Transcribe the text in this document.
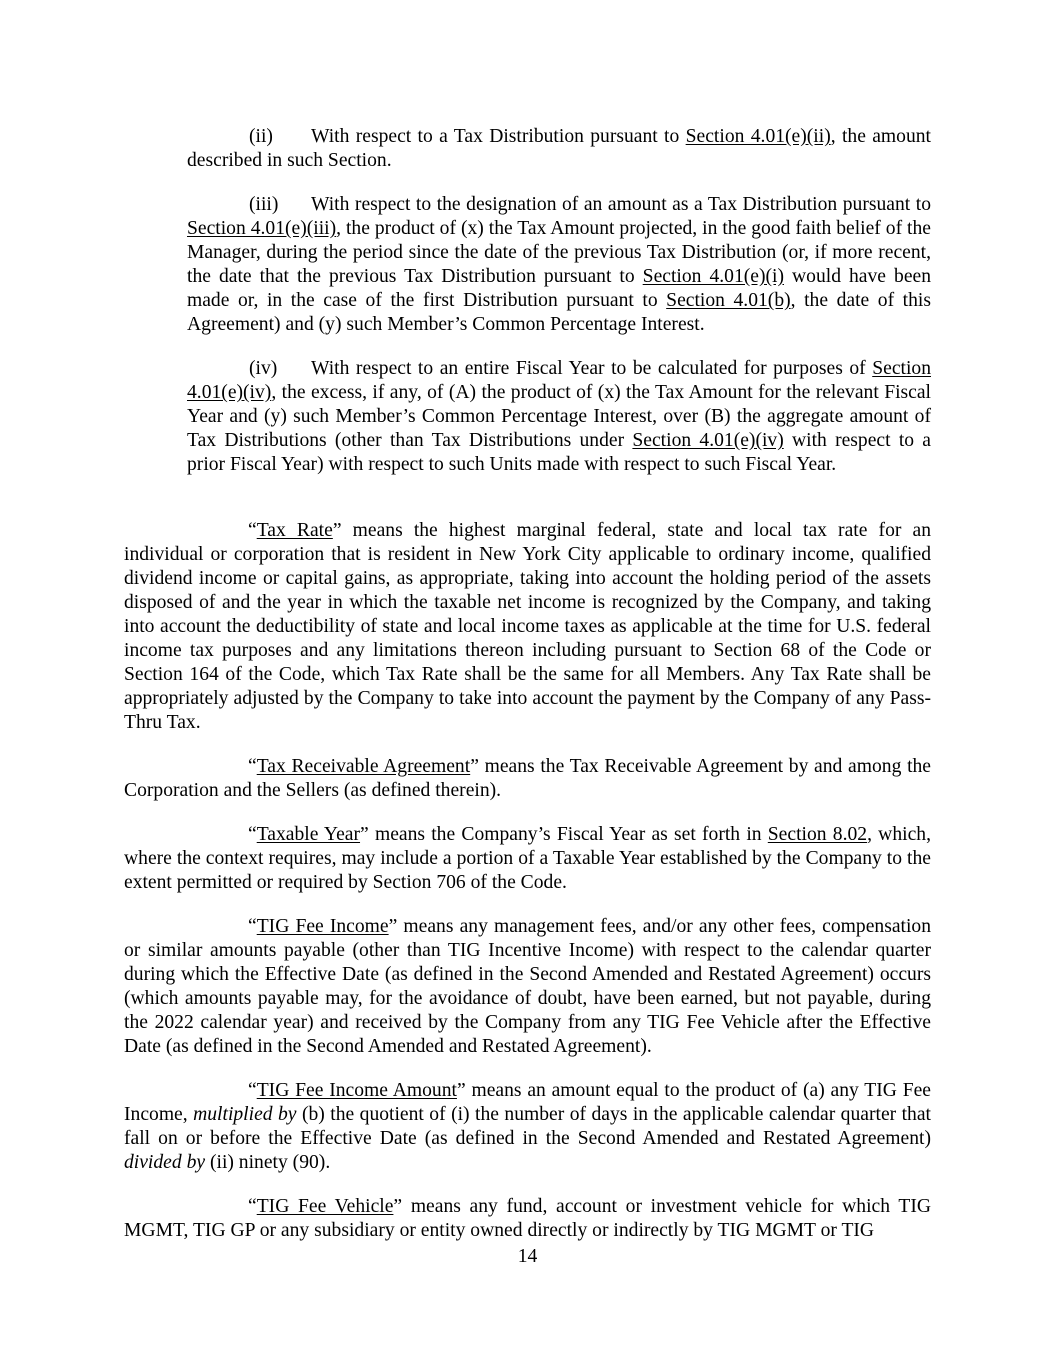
(ii) With respect to a Tax Distribution pursuant to Section 4.01(e)(ii), the amount described in such Section.

(iii) With respect to the designation of an amount as a Tax Distribution pursuant to Section 4.01(e)(iii), the product of (x) the Tax Amount projected, in the good faith belief of the Manager, during the period since the date of the previous Tax Distribution (or, if more recent, the date that the previous Tax Distribution pursuant to Section 4.01(e)(i) would have been made or, in the case of the first Distribution pursuant to Section 4.01(b), the date of this Agreement) and (y) such Member’s Common Percentage Interest.

(iv) With respect to an entire Fiscal Year to be calculated for purposes of Section 4.01(e)(iv), the excess, if any, of (A) the product of (x) the Tax Amount for the relevant Fiscal Year and (y) such Member’s Common Percentage Interest, over (B) the aggregate amount of Tax Distributions (other than Tax Distributions under Section 4.01(e)(iv) with respect to a prior Fiscal Year) with respect to such Units made with respect to such Fiscal Year.

“Tax Rate” means the highest marginal federal, state and local tax rate for an individual or corporation that is resident in New York City applicable to ordinary income, qualified dividend income or capital gains, as appropriate, taking into account the holding period of the assets disposed of and the year in which the taxable net income is recognized by the Company, and taking into account the deductibility of state and local income taxes as applicable at the time for U.S. federal income tax purposes and any limitations thereon including pursuant to Section 68 of the Code or Section 164 of the Code, which Tax Rate shall be the same for all Members. Any Tax Rate shall be appropriately adjusted by the Company to take into account the payment by the Company of any Pass-Thru Tax.

“Tax Receivable Agreement” means the Tax Receivable Agreement by and among the Corporation and the Sellers (as defined therein).

“Taxable Year” means the Company’s Fiscal Year as set forth in Section 8.02, which, where the context requires, may include a portion of a Taxable Year established by the Company to the extent permitted or required by Section 706 of the Code.

“TIG Fee Income” means any management fees, and/or any other fees, compensation or similar amounts payable (other than TIG Incentive Income) with respect to the calendar quarter during which the Effective Date (as defined in the Second Amended and Restated Agreement) occurs (which amounts payable may, for the avoidance of doubt, have been earned, but not payable, during the 2022 calendar year) and received by the Company from any TIG Fee Vehicle after the Effective Date (as defined in the Second Amended and Restated Agreement).

“TIG Fee Income Amount” means an amount equal to the product of (a) any TIG Fee Income, multiplied by (b) the quotient of (i) the number of days in the applicable calendar quarter that fall on or before the Effective Date (as defined in the Second Amended and Restated Agreement) divided by (ii) ninety (90).

“TIG Fee Vehicle” means any fund, account or investment vehicle for which TIG MGMT, TIG GP or any subsidiary or entity owned directly or indirectly by TIG MGMT or TIG

14
